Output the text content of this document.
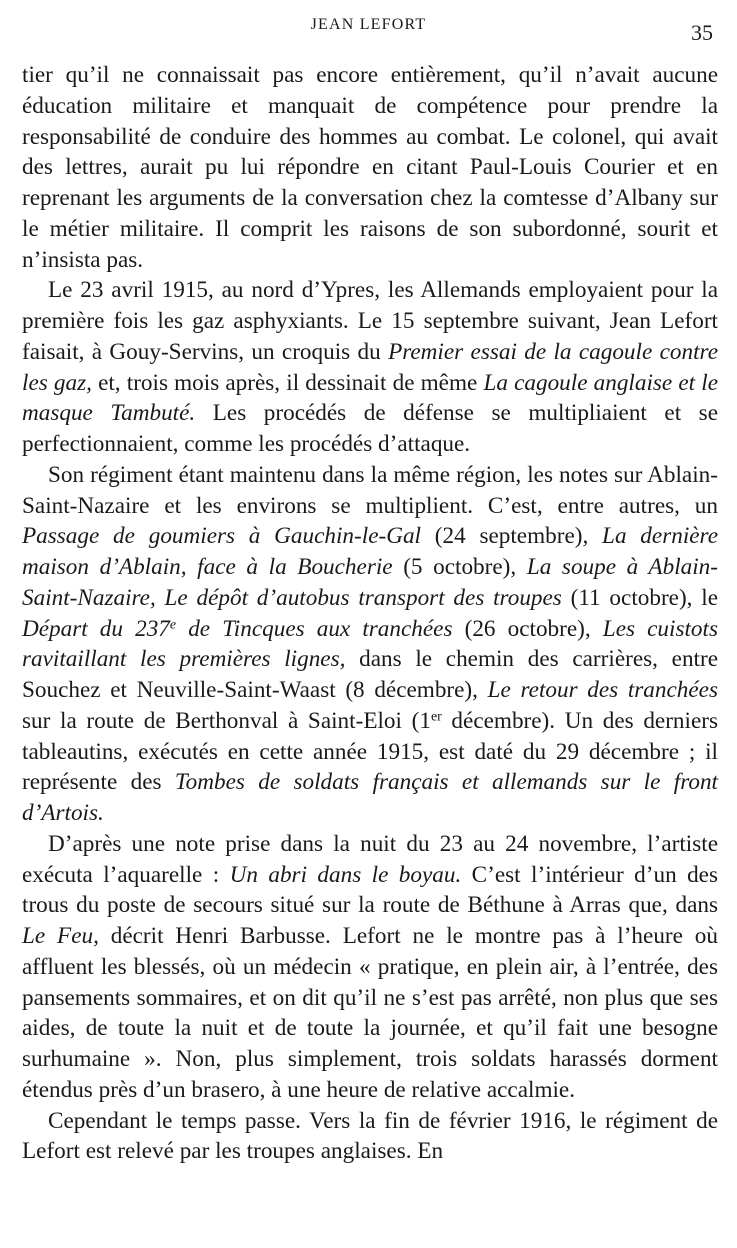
JEAN LEFORT	35

tier qu’il ne connaissait pas encore entièrement, qu’il n’avait aucune éducation militaire et manquait de compétence pour prendre la responsabilité de conduire des hommes au combat. Le colonel, qui avait des lettres, aurait pu lui répondre en citant Paul-Louis Courier et en reprenant les arguments de la conversation chez la comtesse d’Albany sur le métier militaire. Il comprit les raisons de son subordonné, sourit et n’insista pas.

Le 23 avril 1915, au nord d’Ypres, les Allemands employaient pour la première fois les gaz asphyxiants. Le 15 septembre suivant, Jean Lefort faisait, à Gouy-Servins, un croquis du Premier essai de la cagoule contre les gaz, et, trois mois après, il dessinait de même La cagoule anglaise et le masque Tambuté. Les procédés de défense se multipliaient et se perfectionnaient, comme les procédés d’attaque.

Son régiment étant maintenu dans la même région, les notes sur Ablain-Saint-Nazaire et les environs se multiplient. C’est, entre autres, un Passage de goumiers à Gauchin-le-Gal (24 septembre), La dernière maison d’Ablain, face à la Boucherie (5 octobre), La soupe à Ablain-Saint-Nazaire, Le dépôt d’autobus transport des troupes (11 octobre), le Départ du 237e de Tincques aux tranchées (26 octobre), Les cuistots ravitaillant les premières lignes, dans le chemin des carrières, entre Souchez et Neuville-Saint-Waast (8 décembre), Le retour des tranchées sur la route de Berthonval à Saint-Eloi (1er décembre). Un des derniers tableautins, exécutés en cette année 1915, est daté du 29 décembre ; il représente des Tombes de soldats français et allemands sur le front d’Artois.

D’après une note prise dans la nuit du 23 au 24 novembre, l’artiste exécuta l’aquarelle : Un abri dans le boyau. C’est l’intérieur d’un des trous du poste de secours situé sur la route de Béthune à Arras que, dans Le Feu, décrit Henri Barbusse. Lefort ne le montre pas à l’heure où affluent les blessés, où un médecin « pratique, en plein air, à l’entrée, des pansements sommaires, et on dit qu’il ne s’est pas arrêté, non plus que ses aides, de toute la nuit et de toute la journée, et qu’il fait une besogne surhumaine ». Non, plus simplement, trois soldats harassés dorment étendus près d’un brasero, à une heure de relative accalmie.

Cependant le temps passe. Vers la fin de février 1916, le régiment de Lefort est relevé par les troupes anglaises. En
